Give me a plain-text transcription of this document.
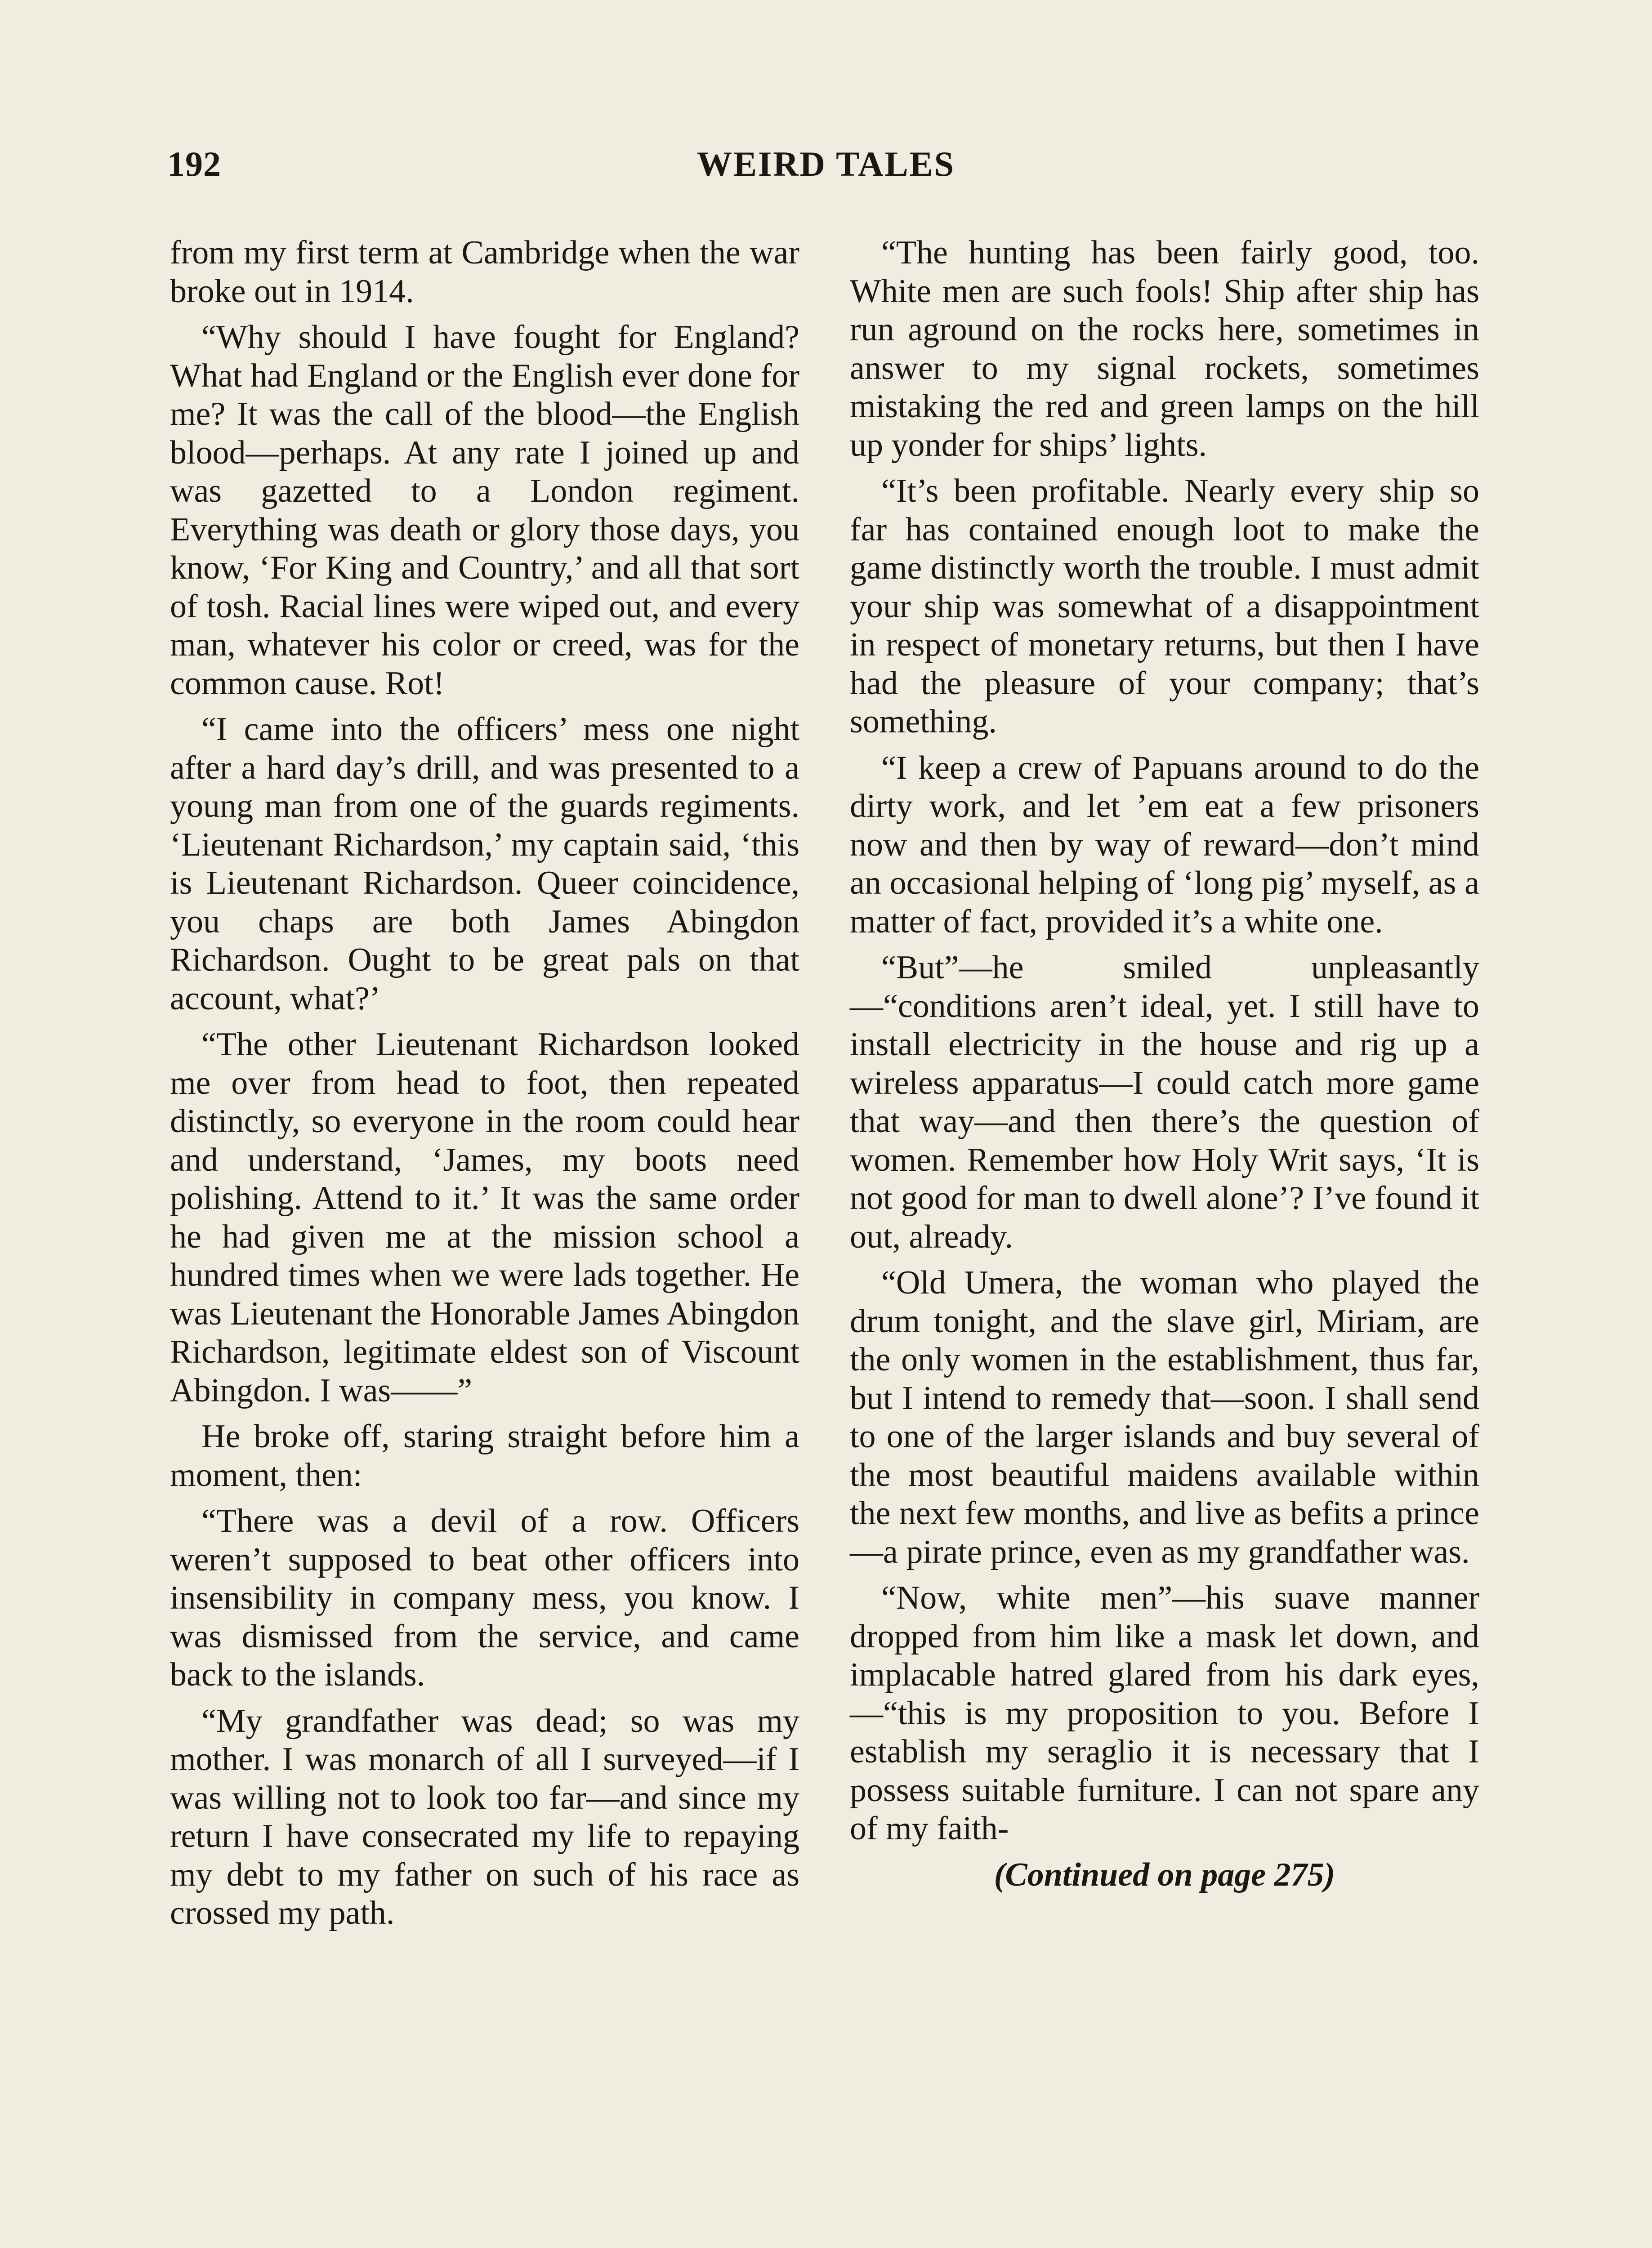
192	WEIRD TALES

from my first term at Cambridge when the war broke out in 1914.

“Why should I have fought for England? What had England or the English ever done for me? It was the call of the blood—the English blood—perhaps. At any rate I joined up and was gazetted to a London regiment. Everything was death or glory those days, you know, ‘For King and Country,’ and all that sort of tosh. Racial lines were wiped out, and every man, whatever his color or creed, was for the common cause. Rot!

“I came into the officers’ mess one night after a hard day’s drill, and was presented to a young man from one of the guards regiments. ‘Lieutenant Richardson,’ my captain said, ‘this is Lieutenant Richardson. Queer coincidence, you chaps are both James Abingdon Richardson. Ought to be great pals on that account, what?’

“The other Lieutenant Richardson looked me over from head to foot, then repeated distinctly, so everyone in the room could hear and understand, ‘James, my boots need polishing. Attend to it.’ It was the same order he had given me at the mission school a hundred times when we were lads together. He was Lieutenant the Honorable James Abingdon Richardson, legitimate eldest son of Viscount Abingdon. I was——”

He broke off, staring straight before him a moment, then:

“There was a devil of a row. Officers weren’t supposed to beat other officers into insensibility in company mess, you know. I was dismissed from the service, and came back to the islands.

“My grandfather was dead; so was my mother. I was monarch of all I surveyed—if I was willing not to look too far—and since my return I have consecrated my life to repaying my debt to my father on such of his race as crossed my path.

“The hunting has been fairly good, too. White men are such fools! Ship after ship has run aground on the rocks here, sometimes in answer to my signal rockets, sometimes mistaking the red and green lamps on the hill up yonder for ships’ lights.

“It’s been profitable. Nearly every ship so far has contained enough loot to make the game distinctly worth the trouble. I must admit your ship was somewhat of a disappointment in respect of monetary returns, but then I have had the pleasure of your company; that’s something.

“I keep a crew of Papuans around to do the dirty work, and let ’em eat a few prisoners now and then by way of reward—don’t mind an occasional helping of ‘long pig’ myself, as a matter of fact, provided it’s a white one.

“But”—he smiled unpleasantly—“conditions aren’t ideal, yet. I still have to install electricity in the house and rig up a wireless apparatus—I could catch more game that way—and then there’s the question of women. Remember how Holy Writ says, ‘It is not good for man to dwell alone’? I’ve found it out, already.

“Old Umera, the woman who played the drum tonight, and the slave girl, Miriam, are the only women in the establishment, thus far, but I intend to remedy that—soon. I shall send to one of the larger islands and buy several of the most beautiful maidens available within the next few months, and live as befits a prince—a pirate prince, even as my grandfather was.

“Now, white men”—his suave manner dropped from him like a mask let down, and implacable hatred glared from his dark eyes,—“this is my proposition to you. Before I establish my seraglio it is necessary that I possess suitable furniture. I can not spare any of my faith-

(Continued on page 275)
